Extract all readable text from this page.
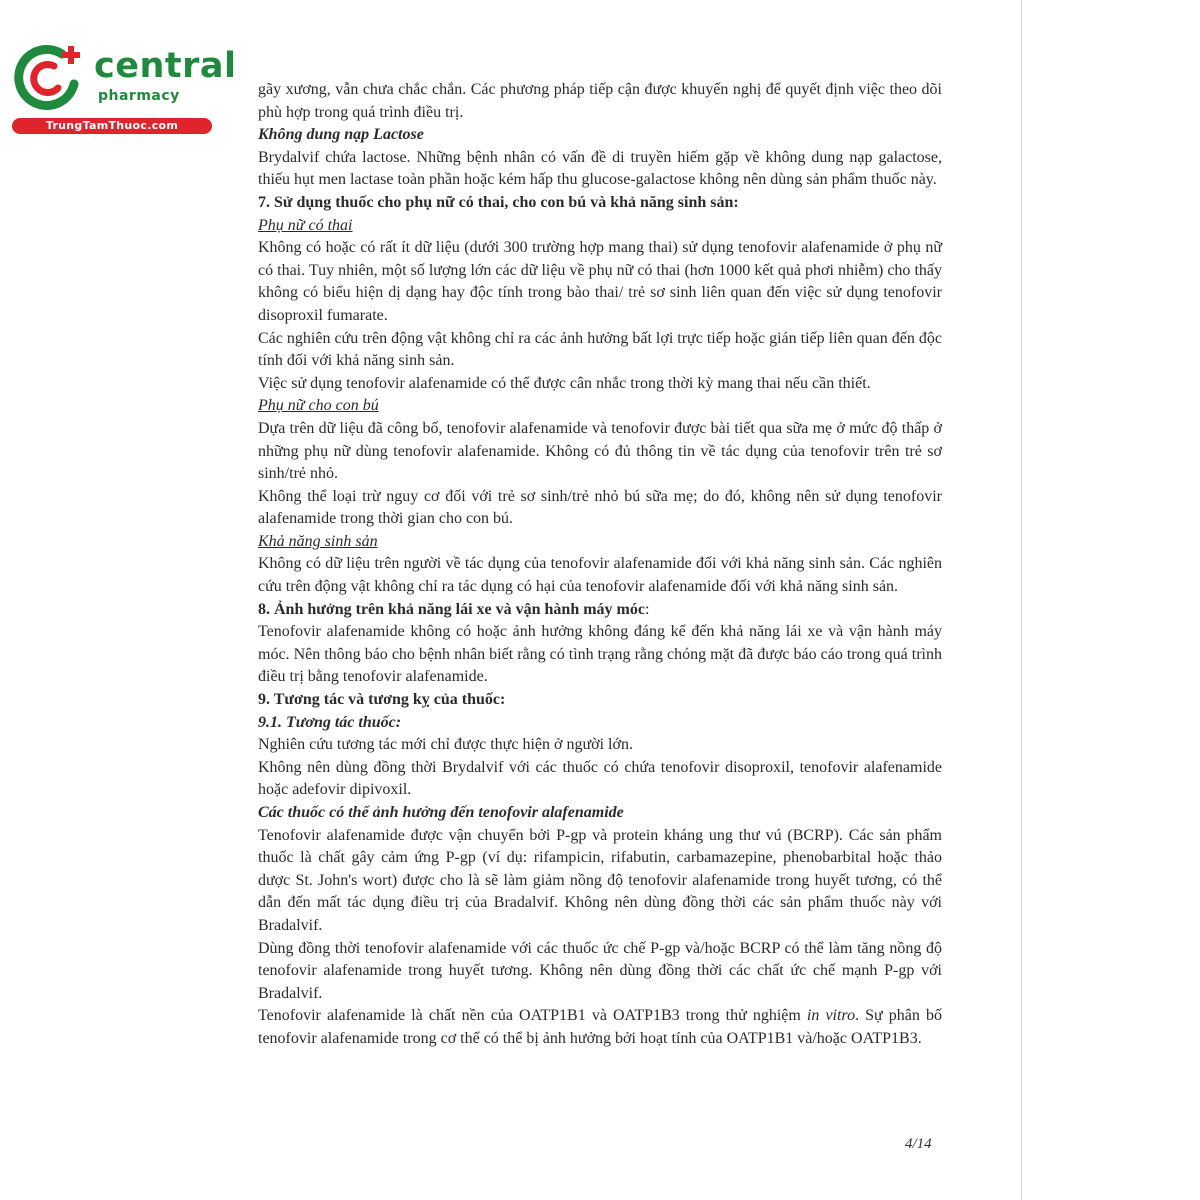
central
pharmacy
TrungTamThuoc.com

gãy xương, vẫn chưa chắc chắn. Các phương pháp tiếp cận được khuyến nghị để quyết định việc theo dõi phù hợp trong quá trình điều trị.

Không dung nạp Lactose

Brydalvif chứa lactose. Những bệnh nhân có vấn đề di truyền hiếm gặp về không dung nạp galactose, thiếu hụt men lactase toàn phần hoặc kém hấp thu glucose-galactose không nên dùng sản phẩm thuốc này.

7. Sử dụng thuốc cho phụ nữ có thai, cho con bú và khả năng sinh sản:

Phụ nữ có thai

Không có hoặc có rất ít dữ liệu (dưới 300 trường hợp mang thai) sử dụng tenofovir alafenamide ở phụ nữ có thai. Tuy nhiên, một số lượng lớn các dữ liệu về phụ nữ có thai (hơn 1000 kết quả phơi nhiễm) cho thấy không có biểu hiện dị dạng hay độc tính trong bào thai/ trẻ sơ sinh liên quan đến việc sử dụng tenofovir disoproxil fumarate.

Các nghiên cứu trên động vật không chỉ ra các ảnh hưởng bất lợi trực tiếp hoặc gián tiếp liên quan đến độc tính đối với khả năng sinh sản.

Việc sử dụng tenofovir alafenamide có thể được cân nhắc trong thời kỳ mang thai nếu cần thiết.

Phụ nữ cho con bú

Dựa trên dữ liệu đã công bố, tenofovir alafenamide và tenofovir được bài tiết qua sữa mẹ ở mức độ thấp ở những phụ nữ dùng tenofovir alafenamide. Không có đủ thông tin về tác dụng của tenofovir trên trẻ sơ sinh/trẻ nhỏ.

Không thể loại trừ nguy cơ đối với trẻ sơ sinh/trẻ nhỏ bú sữa mẹ; do đó, không nên sử dụng tenofovir alafenamide trong thời gian cho con bú.

Khả năng sinh sản

Không có dữ liệu trên người về tác dụng của tenofovir alafenamide đối với khả năng sinh sản. Các nghiên cứu trên động vật không chỉ ra tác dụng có hại của tenofovir alafenamide đối với khả năng sinh sản.

8. Ảnh hưởng trên khả năng lái xe và vận hành máy móc:

Tenofovir alafenamide không có hoặc ảnh hưởng không đáng kể đến khả năng lái xe và vận hành máy móc. Nên thông báo cho bệnh nhân biết rằng có tình trạng rằng chóng mặt đã được báo cáo trong quá trình điều trị bằng tenofovir alafenamide.

9. Tương tác và tương kỵ của thuốc:

9.1. Tương tác thuốc:

Nghiên cứu tương tác mới chỉ được thực hiện ở người lớn.

Không nên dùng đồng thời Brydalvif với các thuốc có chứa tenofovir disoproxil, tenofovir alafenamide hoặc adefovir dipivoxil.

Các thuốc có thể ảnh hưởng đến tenofovir alafenamide

Tenofovir alafenamide được vận chuyển bởi P-gp và protein kháng ung thư vú (BCRP). Các sản phẩm thuốc là chất gây cảm ứng P-gp (ví dụ: rifampicin, rifabutin, carbamazepine, phenobarbital hoặc thảo dược St. John's wort) được cho là sẽ làm giảm nồng độ tenofovir alafenamide trong huyết tương, có thể dẫn đến mất tác dụng điều trị của Bradalvif. Không nên dùng đồng thời các sản phẩm thuốc này với Bradalvif.

Dùng đồng thời tenofovir alafenamide với các thuốc ức chế P-gp và/hoặc BCRP có thể làm tăng nồng độ tenofovir alafenamide trong huyết tương. Không nên dùng đồng thời các chất ức chế mạnh P-gp với Bradalvif.

Tenofovir alafenamide là chất nền của OATP1B1 và OATP1B3 trong thử nghiệm in vitro. Sự phân bố tenofovir alafenamide trong cơ thể có thể bị ảnh hưởng bởi hoạt tính của OATP1B1 và/hoặc OATP1B3.

4/14
